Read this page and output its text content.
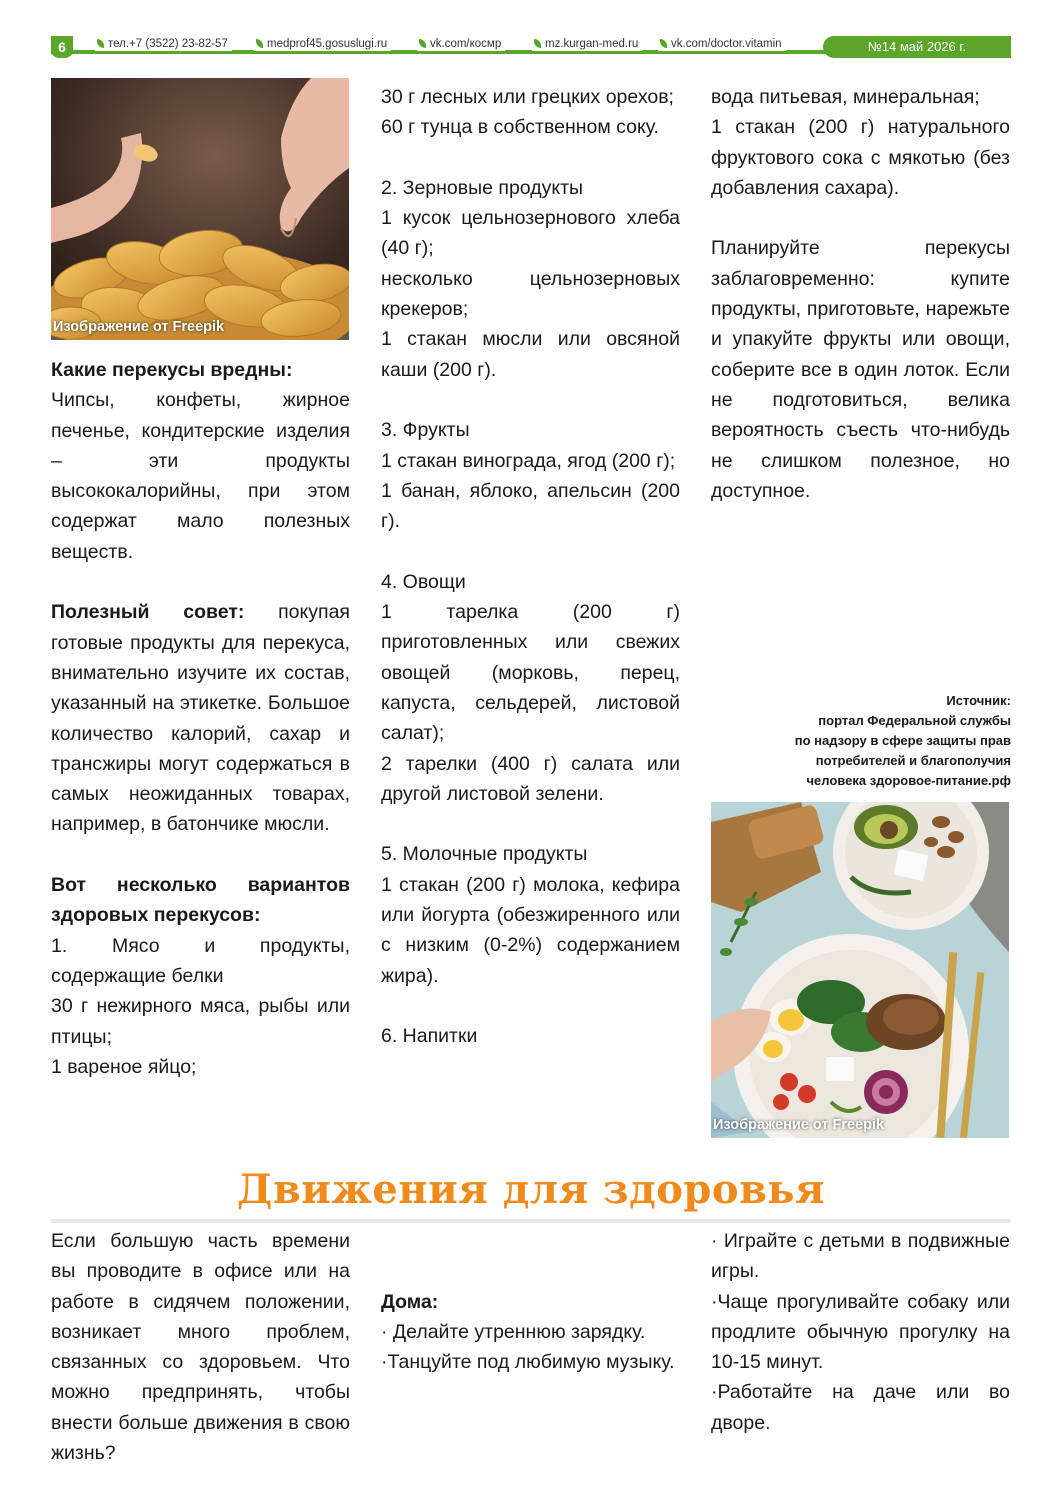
6	тел.+7 (3522) 23-82-57	medprof45.gosuslugi.ru	vk.com/космр	mz.kurgan-med.ru	vk.com/doctor.vitamin	№14 май 2026 г.
Изображение от Freepik

Какие перекусы вредны:

Чипсы, конфеты, жирное печенье, кондитерские изделия – эти продукты высококалорийны, при этом содержат мало полезных веществ.

Полезный совет: покупая готовые продукты для перекуса, внимательно изучите их состав, указанный на этикетке. Большое количество калорий, сахар и трансжиры могут содержаться в самых неожиданных товарах, например, в батончике мюсли.

Вот несколько вариантов здоровых перекусов:

1. Мясо и продукты, содержащие белки

30 г нежирного мяса, рыбы или птицы;

1 вареное яйцо;

30 г лесных или грецких орехов;

60 г тунца в собственном соку.

2. Зерновые продукты

1 кусок цельнозернового хлеба (40 г);

несколько цельнозерновых крекеров;

1 стакан мюсли или овсяной каши (200 г).

3. Фрукты

1 стакан винограда, ягод (200 г);

1 банан, яблоко, апельсин (200 г).

4. Овощи

1 тарелка (200 г) приготовленных или свежих овощей (морковь, перец, капуста, сельдерей, листовой салат);

2 тарелки (400 г) салата или другой листовой зелени.

5. Молочные продукты

1 стакан (200 г) молока, кефира или йогурта (обезжиренного или с низким (0-2%) содержанием жира).

6. Напитки

вода питьевая, минеральная;

1 стакан (200 г) натурального фруктового сока с мякотью (без добавления сахара).

Планируйте перекусы заблаговременно: купите продукты, приготовьте, нарежьте и упакуйте фрукты или овощи, соберите все в один лоток. Если не подготовиться, велика вероятность съесть что-нибудь не слишком полезное, но доступное.

Источник:
портал Федеральной службы
по надзору в сфере защиты прав
потребителей и благополучия
человека здоровое-питание.рф
Изображение от Freepik
Движения для здоровья

Если большую часть времени вы проводите в офисе или на работе в сидячем положении, возникает много проблем, связанных со здоровьем. Что можно предпринять, чтобы внести больше движения в свою жизнь?

Дома:

· Делайте утреннюю зарядку.

·Танцуйте под любимую музыку.

· Играйте с детьми в подвижные игры.

·Чаще прогуливайте собаку или продлите обычную прогулку на 10-15 минут.

·Работайте на даче или во дворе.
